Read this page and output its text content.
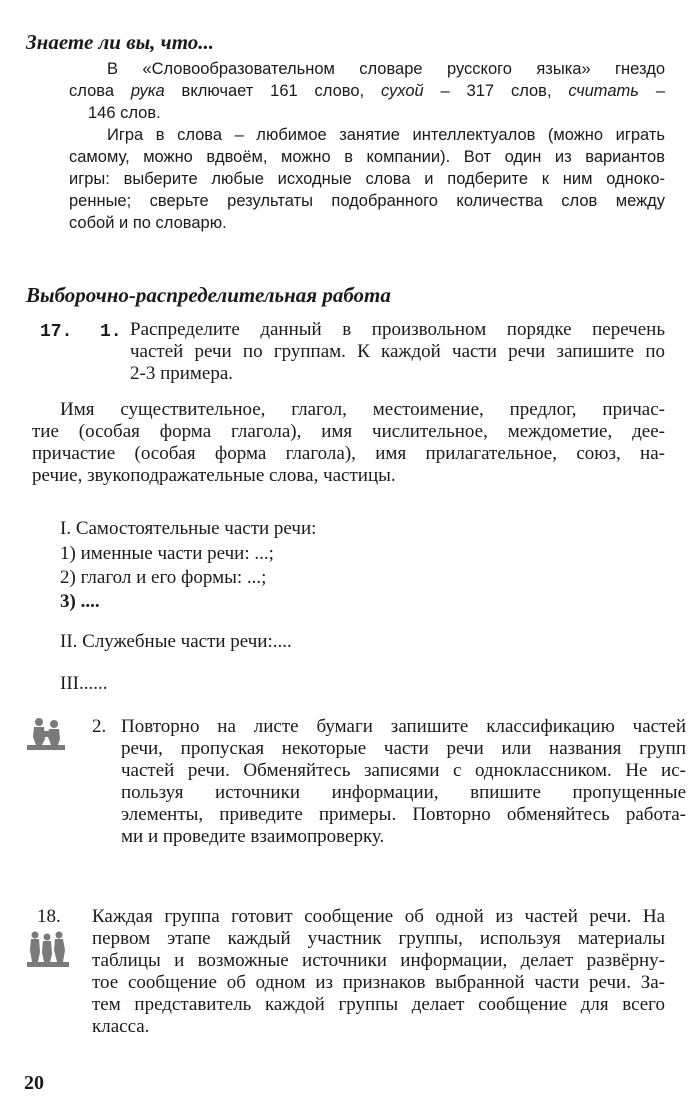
Знаете ли вы, что...
В «Словообразовательном словаре русского языка» гнездо
слова рука включает 161 слово, сухой – 317 слов, считать –
146 слов.
Игра в слова – любимое занятие интеллектуалов (можно играть
самому, можно вдвоём, можно в компании). Вот один из вариантов
игры: выберите любые исходные слова и подберите к ним одноко-
ренные; сверьте результаты подобранного количества слов между
собой и по словарю.
Выборочно-распределительная работа
17. 1. Распределите данный в произвольном порядке перечень
частей речи по группам. К каждой части речи запишите по
2-3 примера.
Имя существительное, глагол, местоимение, предлог, причас-
тие (особая форма глагола), имя числительное, междометие, дее-
причастие (особая форма глагола), имя прилагательное, союз, на-
речие, звукоподражательные слова, частицы.
I. Самостоятельные части речи:
1) именные части речи: ...;
2) глагол и его формы: ...;
3) ....
II. Служебные части речи:....
III......
2. Повторно на листе бумаги запишите классификацию частей
речи, пропуская некоторые части речи или названия групп
частей речи. Обменяйтесь записями с одноклассником. Не ис-
пользуя источники информации, впишите пропущенные
элементы, приведите примеры. Повторно обменяйтесь работа-
ми и проведите взаимопроверку.
18. Каждая группа готовит сообщение об одной из частей речи. На
первом этапе каждый участник группы, используя материалы
таблицы и возможные источники информации, делает развёрну-
тое сообщение об одном из признаков выбранной части речи. За-
тем представитель каждой группы делает сообщение для всего
класса.
20
